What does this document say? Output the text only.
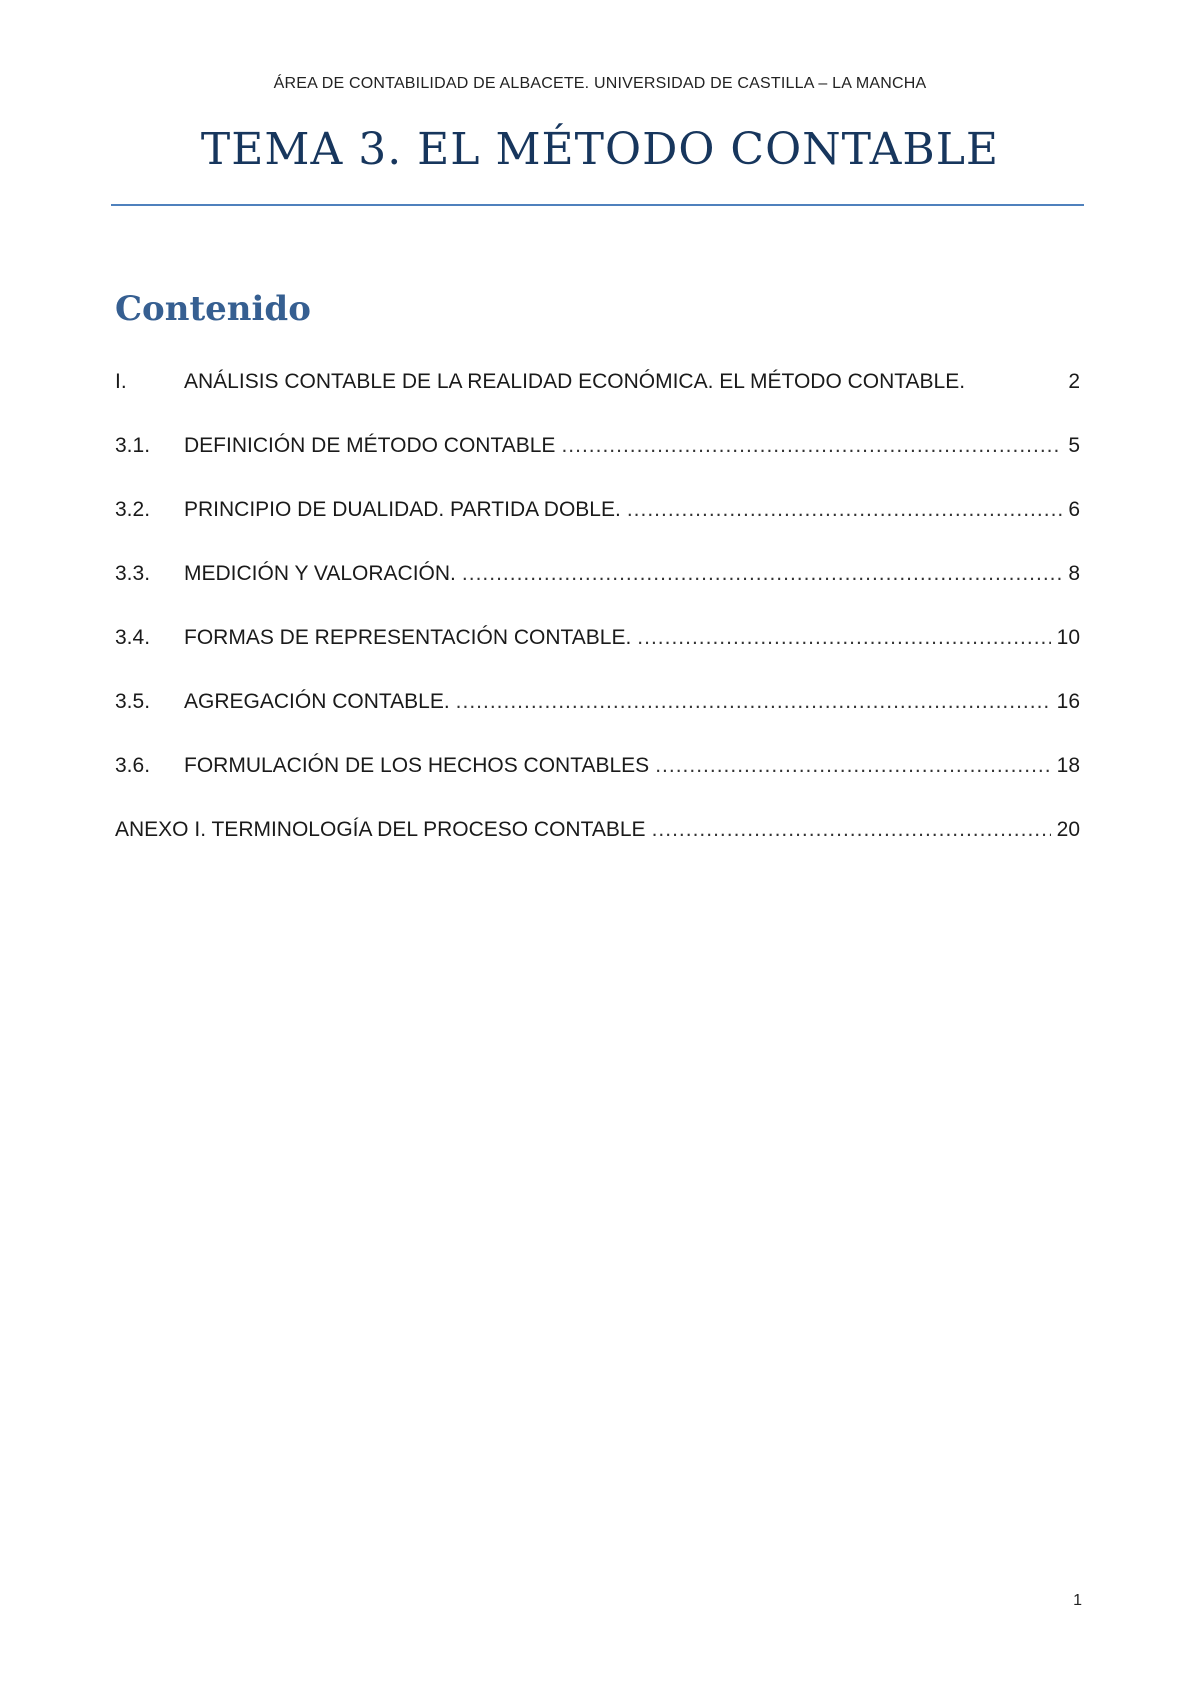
ÁREA DE CONTABILIDAD DE ALBACETE. UNIVERSIDAD DE CASTILLA – LA MANCHA
TEMA 3. EL MÉTODO CONTABLE
Contenido
I.	ANÁLISIS CONTABLE DE LA REALIDAD ECONÓMICA. EL MÉTODO CONTABLE.	2
3.1.	DEFINICIÓN DE MÉTODO CONTABLE .....	5
3.2.	PRINCIPIO DE DUALIDAD. PARTIDA DOBLE. .....	6
3.3.	MEDICIÓN Y VALORACIÓN. .....	8
3.4.	FORMAS DE REPRESENTACIÓN CONTABLE. .....	10
3.5.	AGREGACIÓN CONTABLE. .....	16
3.6.	FORMULACIÓN DE LOS HECHOS CONTABLES .....	18
ANEXO I. TERMINOLOGÍA DEL PROCESO CONTABLE .....	20
1
